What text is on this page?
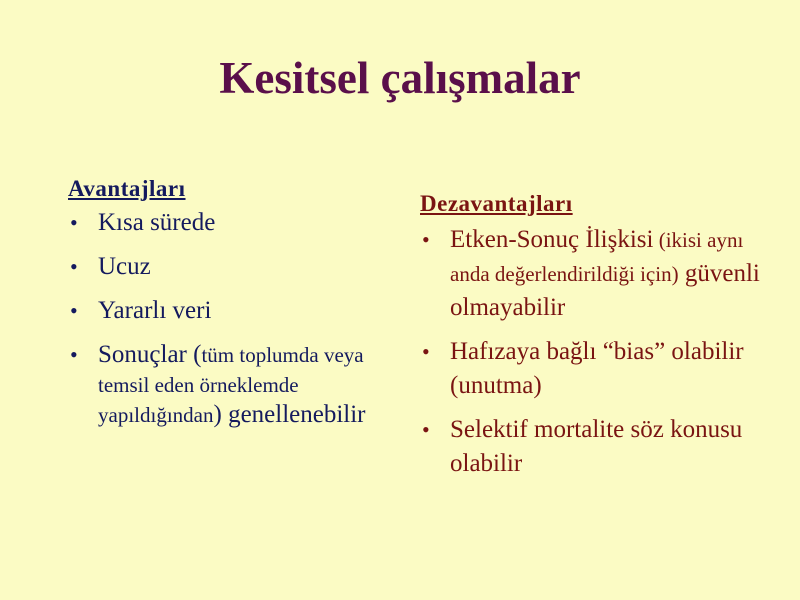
Kesitsel çalışmalar
Avantajları
• Kısa sürede
• Ucuz
• Yararlı veri
• Sonuçlar (tüm toplumda veya temsil eden örneklemde yapıldığından) genellenebilir
Dezavantajları
• Etken-Sonuç İlişkisi (ikisi aynı anda değerlendirildiği için) güvenli olmayabilir
• Hafızaya bağlı “bias” olabilir (unutma)
• Selektif mortalite söz konusu olabilir
